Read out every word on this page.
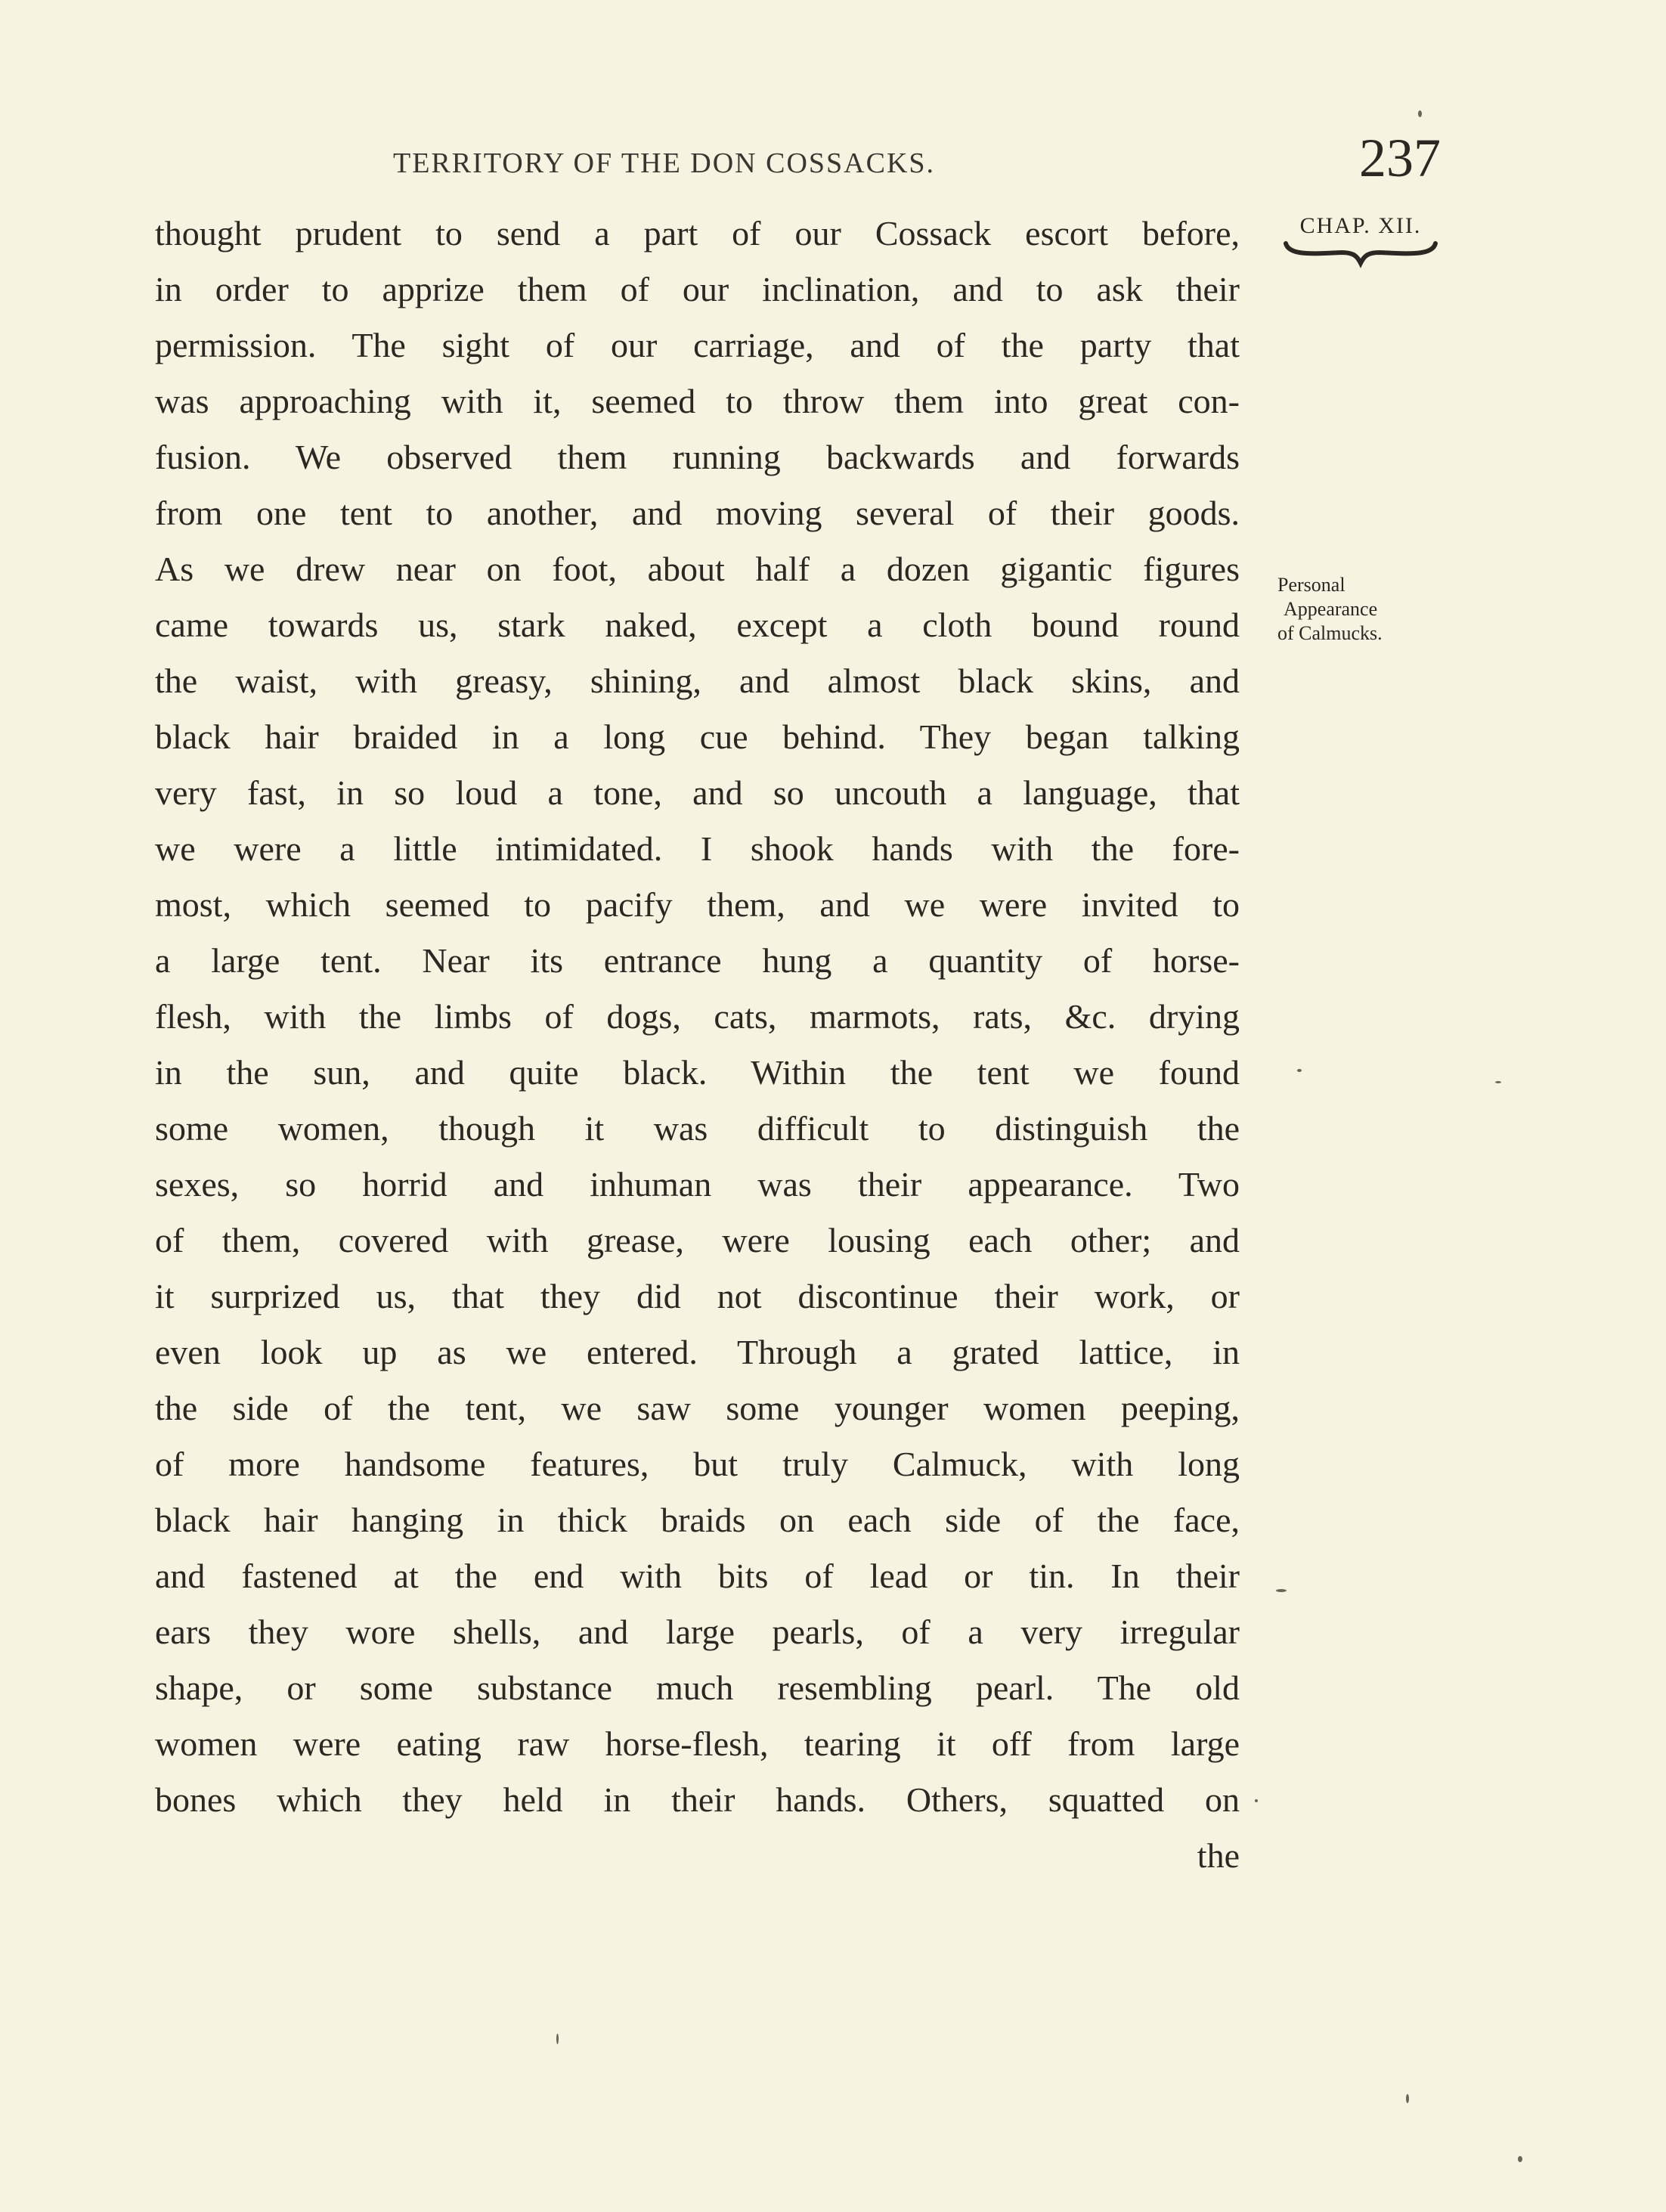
TERRITORY OF THE DON COSSACKS.	237
CHAP. XII.
Personal
Appearance
of Calmucks.
thought prudent to send a part of our Cossack escort before,
in order to apprize them of our inclination, and to ask their
permission. The sight of our carriage, and of the party that
was approaching with it, seemed to throw them into great con-
fusion. We observed them running backwards and forwards
from one tent to another, and moving several of their goods.
As we drew near on foot, about half a dozen gigantic figures
came towards us, stark naked, except a cloth bound round
the waist, with greasy, shining, and almost black skins, and
black hair braided in a long cue behind. They began talking
very fast, in so loud a tone, and so uncouth a language, that
we were a little intimidated. I shook hands with the fore-
most, which seemed to pacify them, and we were invited to
a large tent. Near its entrance hung a quantity of horse-
flesh, with the limbs of dogs, cats, marmots, rats, &c. drying
in the sun, and quite black. Within the tent we found
some women, though it was difficult to distinguish the
sexes, so horrid and inhuman was their appearance. Two
of them, covered with grease, were lousing each other; and
it surprized us, that they did not discontinue their work, or
even look up as we entered. Through a grated lattice, in
the side of the tent, we saw some younger women peeping,
of more handsome features, but truly Calmuck, with long
black hair hanging in thick braids on each side of the face,
and fastened at the end with bits of lead or tin. In their
ears they wore shells, and large pearls, of a very irregular
shape, or some substance much resembling pearl. The old
women were eating raw horse-flesh, tearing it off from large
bones which they held in their hands. Others, squatted on
the
